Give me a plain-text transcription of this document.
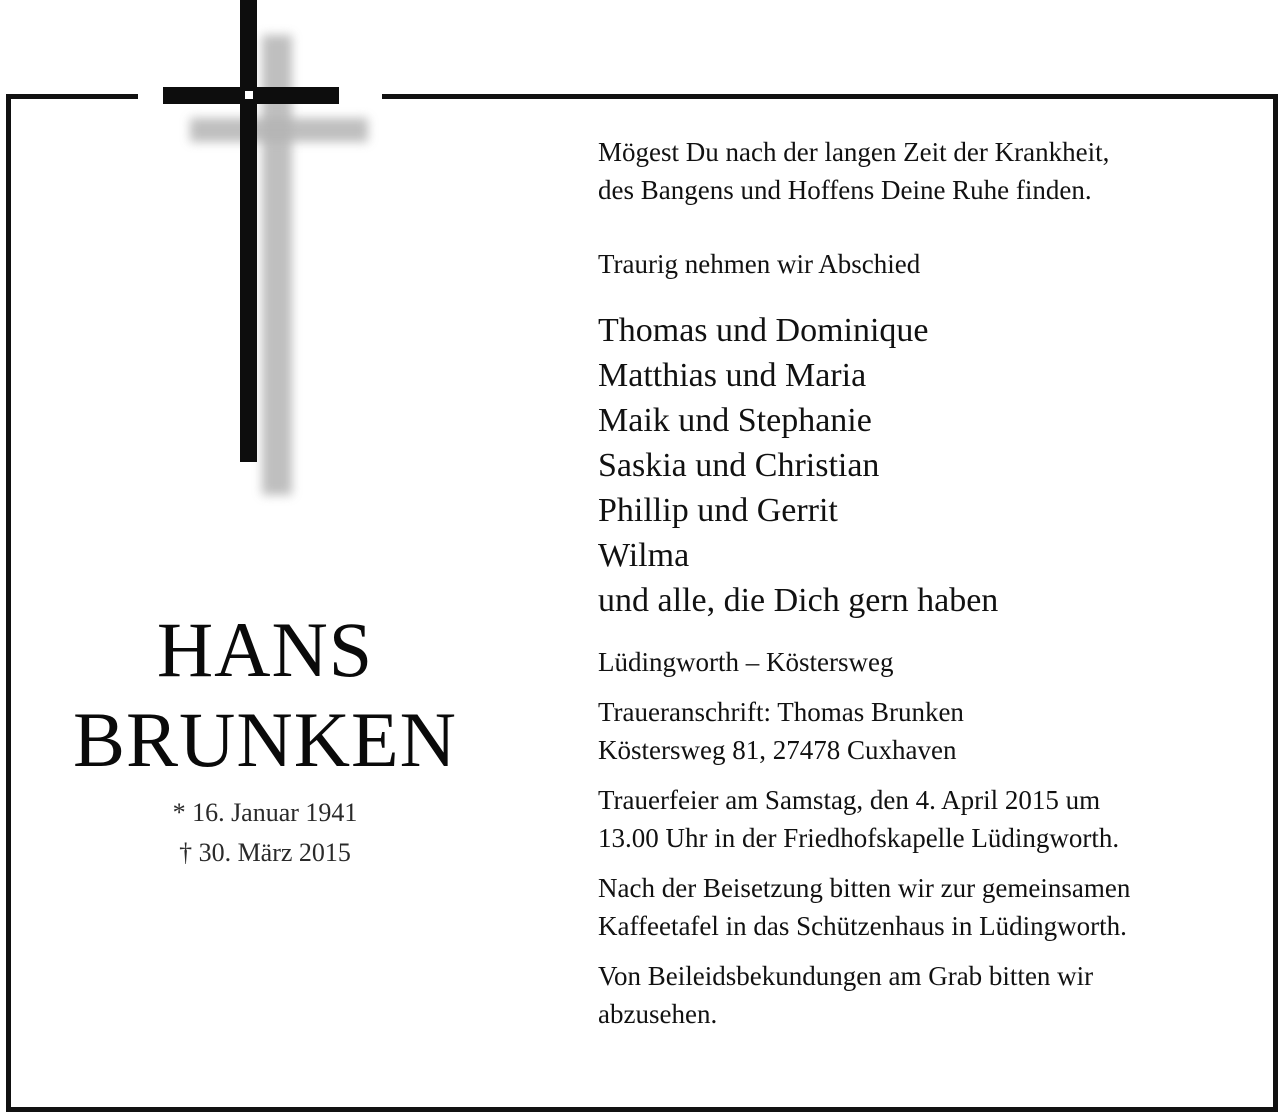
HANS

BRUNKEN

* 16. Januar 1941
† 30. März 2015

Mögest Du nach der langen Zeit der Krankheit,
des Bangens und Hoffens Deine Ruhe finden.

Traurig nehmen wir Abschied

Thomas und Dominique
Matthias und Maria
Maik und Stephanie
Saskia und Christian
Phillip und Gerrit
Wilma
und alle, die Dich gern haben

Lüdingworth – Köstersweg

Traueranschrift: Thomas Brunken
Köstersweg 81, 27478 Cuxhaven

Trauerfeier am Samstag, den 4. April 2015 um
13.00 Uhr in der Friedhofskapelle Lüdingworth.

Nach der Beisetzung bitten wir zur gemeinsamen
Kaffeetafel in das Schützenhaus in Lüdingworth.

Von Beileidsbekundungen am Grab bitten wir
abzusehen.
